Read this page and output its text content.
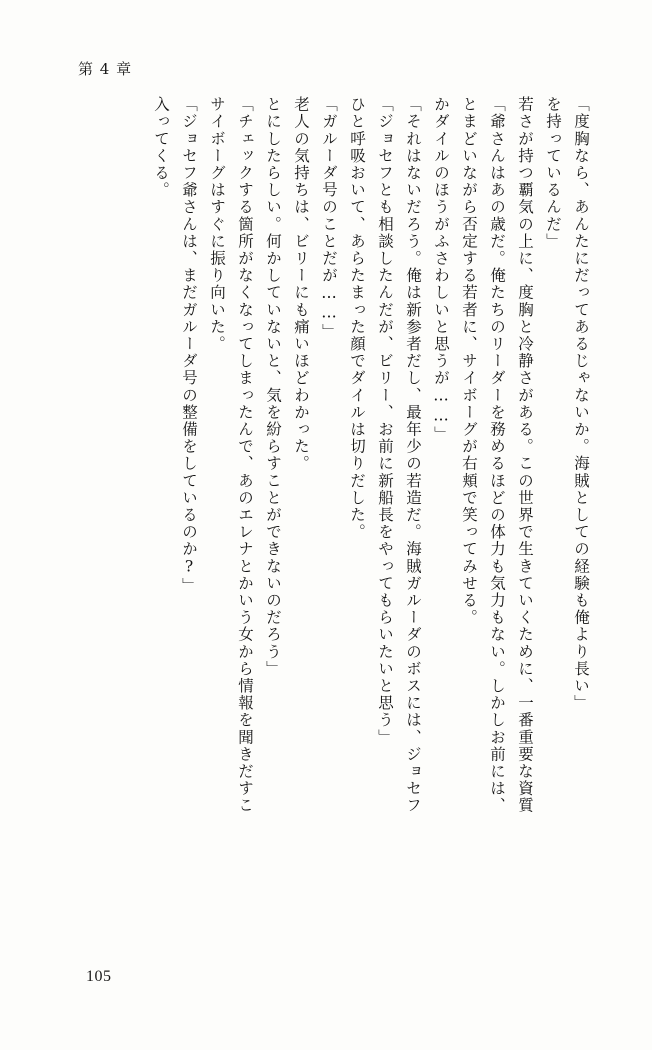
第 4 章
入ってくる。 「ジョセフ爺さんは、まだガルーダ号の整備をしているのか?」 サイボーグはすぐに振り向いた。 「チェックする箇所がなくなってしまったんで、あのエレナとかいう女から情報を聞きだすこ とにしたらしい。何かしていないと、気を紛らすことができないのだろう」 老人の気持ちは、ビリーにも痛いほどわかった。 「ガルーダ号のことだが……」 ひと呼吸おいて、あらたまった顔でダイルは切りだした。 「ジョセフとも相談したんだが、ビリー、お前に新船長をやってもらいたいと思う」 「それはないだろう。俺は新参者だし、最年少の若造だ。海賊ガルーダのボスには、ジョセフ かダイルのほうがふさわしいと思うが……」 とまどいながら否定する若者に、サイボーグが右頬で笑ってみせる。 「爺さんはあの歳だ。俺たちのリーダーを務めるほどの体力も気力もない。しかしお前には、 若さが持つ覇気の上に、度胸と冷静さがある。この世界で生きていくために、一番重要な資質 を持っているんだ」 「度胸なら、あんたにだってあるじゃないか。海賊としての経験も俺より長い」
105
